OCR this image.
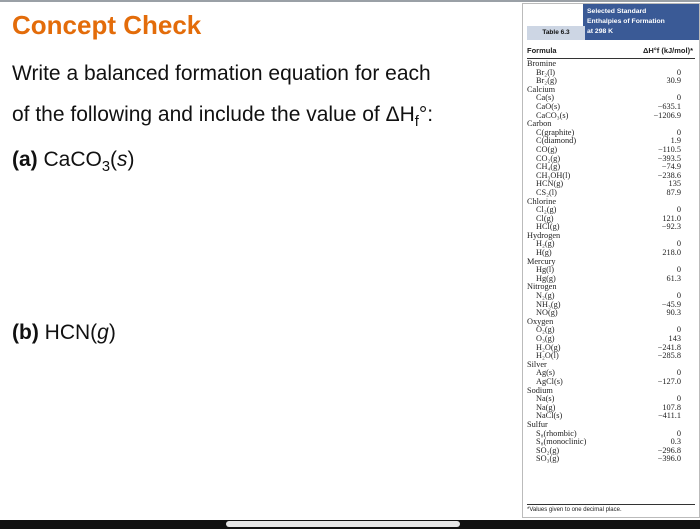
Concept Check
Write a balanced formation equation for each
of the following and include the value of $\Delta H_f^\circ$:
(a) CaCO$_3$(s)
(b) HCN(g)
Selected Standard
Enthalpies of Formation
at 298 K
Table 6.3
Formula	ΔH°f (kJ/mol)*
Bromine
Br₂(l)	0
Br₂(g)	30.9
Calcium
Ca(s)	0
CaO(s)	−635.1
CaCO₃(s)	−1206.9
Carbon
C(graphite)	0
C(diamond)	1.9
CO(g)	−110.5
CO₂(g)	−393.5
CH₄(g)	−74.9
CH₃OH(l)	−238.6
HCN(g)	135
CS₂(l)	87.9
Chlorine
Cl₂(g)	0
Cl(g)	121.0
HCl(g)	−92.3
Hydrogen
H₂(g)	0
H(g)	218.0
Mercury
Hg(l)	0
Hg(g)	61.3
Nitrogen
N₂(g)	0
NH₃(g)	−45.9
NO(g)	90.3
Oxygen
O₂(g)	0
O₃(g)	143
H₂O(g)	−241.8
H₂O(l)	−285.8
Silver
Ag(s)	0
AgCl(s)	−127.0
Sodium
Na(s)	0
Na(g)	107.8
NaCl(s)	−411.1
Sulfur
S₈(rhombic)	0
S₈(monoclinic)	0.3
SO₂(g)	−296.8
SO₃(g)	−396.0
*Values given to one decimal place.
